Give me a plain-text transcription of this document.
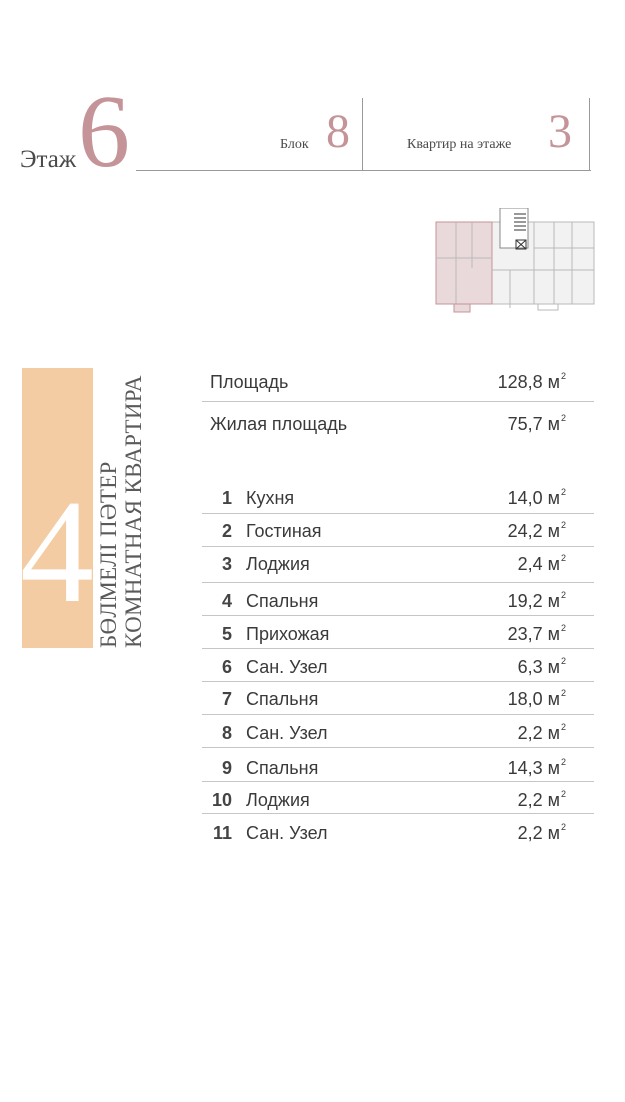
Этаж 6	Блок 8	Квартир на этаже 3
4 БӨЛМЕЛІ ПӘТЕР КОМНАТНАЯ КВАРТИРА	Площадь	128,8 $м^2$
Жилая площадь	75,7 $м^2$
1 Кухня	14,0 $м^2$
2 Гостиная	24,2 $м^2$
3 Лоджия	2,4 $м^2$
4 Спальня	19,2 $м^2$
5 Прихожая	23,7 $м^2$
6 Сан. Узел	6,3 $м^2$
7 Спальня	18,0 $м^2$
8 Сан. Узел	2,2 $м^2$
9 Спальня	14,3 $м^2$
10 Лоджия	2,2 $м^2$
11 Сан. Узел	2,2 $м^2$
